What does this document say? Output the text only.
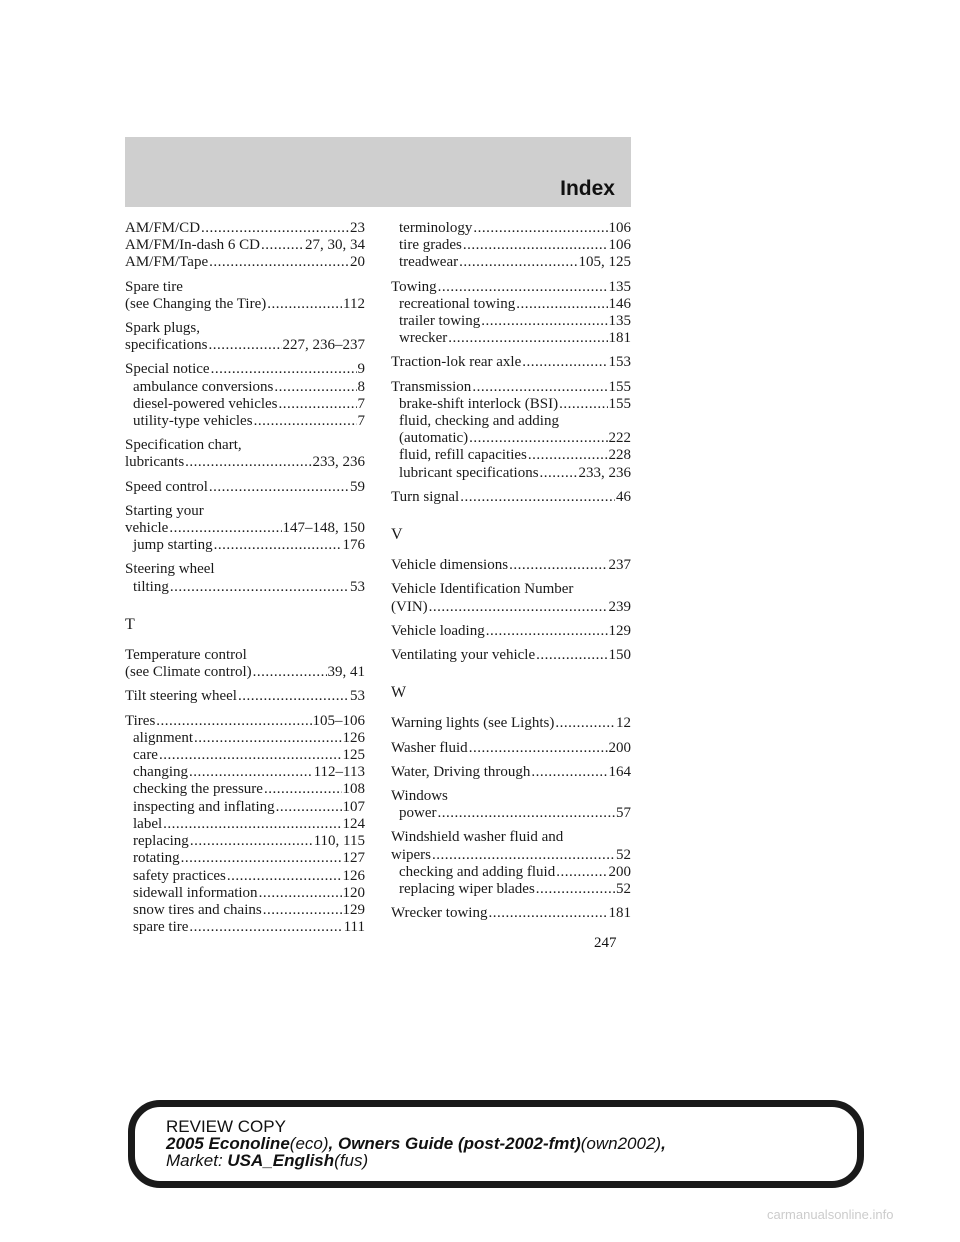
Index
AM/FM/CD .....	23
AM/FM/In-dash 6 CD .....	27, 30, 34
AM/FM/Tape .....	20
Spare tire
(see Changing the Tire) .....	112
Spark plugs,
specifications .....	227, 236–237
Special notice .....	9
ambulance conversions .....	8
diesel-powered vehicles .....	7
utility-type vehicles .....	7
Specification chart,
lubricants .....	233, 236
Speed control .....	59
Starting your
vehicle .....	147–148, 150
jump starting .....	176
Steering wheel
tilting .....	53
T
Temperature control
(see Climate control) .....	39, 41
Tilt steering wheel .....	53
Tires .....	105–106
alignment .....	126
care .....	125
changing .....	112–113
checking the pressure .....	108
inspecting and inflating .....	107
label .....	124
replacing .....	110, 115
rotating .....	127
safety practices .....	126
sidewall information .....	120
snow tires and chains .....	129
spare tire .....	111
terminology .....	106
tire grades .....	106
treadwear .....	105, 125
Towing .....	135
recreational towing .....	146
trailer towing .....	135
wrecker .....	181
Traction-lok rear axle .....	153
Transmission .....	155
brake-shift interlock (BSI) .....	155
fluid, checking and adding
(automatic) .....	222
fluid, refill capacities .....	228
lubricant specifications .....	233, 236
Turn signal .....	46
V
Vehicle dimensions .....	237
Vehicle Identification Number
(VIN) .....	239
Vehicle loading .....	129
Ventilating your vehicle .....	150
W
Warning lights (see Lights) .....	12
Washer fluid .....	200
Water, Driving through .....	164
Windows
power .....	57
Windshield washer fluid and
wipers .....	52
checking and adding fluid .....	200
replacing wiper blades .....	52
Wrecker towing .....	181
247
REVIEW COPY
2005 Econoline(eco), Owners Guide (post-2002-fmt)(own2002),
Market: USA_English(fus)
carmanualsonline.info
